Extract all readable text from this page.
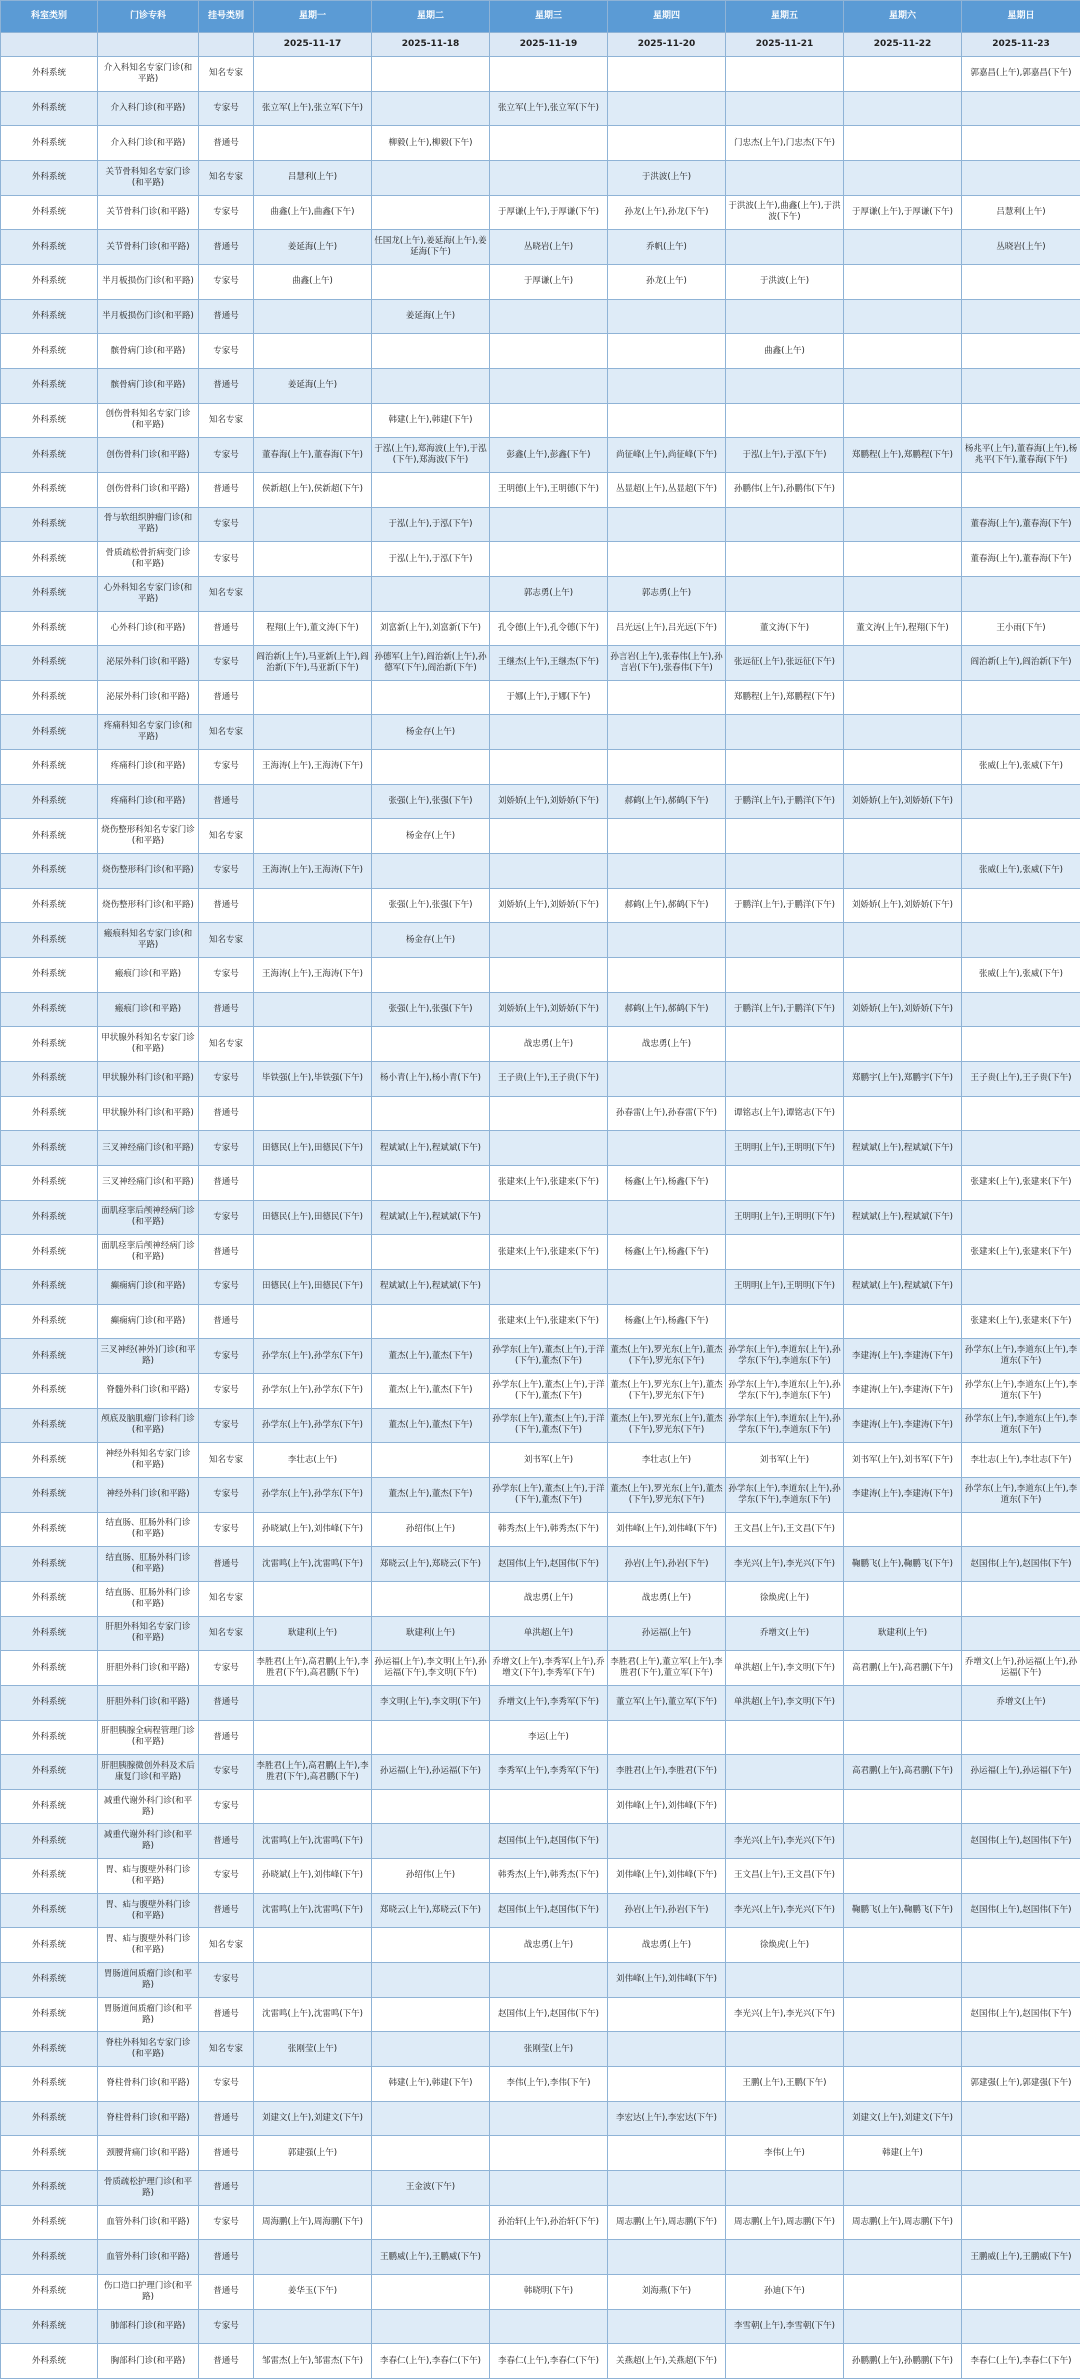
科室类别	门诊专科	挂号类别	星期一	星期二	星期三	星期四	星期五	星期六	星期日
			2025-11-17	2025-11-18	2025-11-19	2025-11-20	2025-11-21	2025-11-22	2025-11-23
外科系统	介入科知名专家门诊(和平路)	知名专家							郭嘉昌(上午),郭嘉昌(下午)
外科系统	介入科门诊(和平路)	专家号	张立军(上午),张立军(下午)		张立军(上午),张立军(下午)				
外科系统	介入科门诊(和平路)	普通号		柳毅(上午),柳毅(下午)			门忠杰(上午),门忠杰(下午)		
外科系统	关节骨科知名专家门诊(和平路)	知名专家	吕慧利(上午)			于洪波(上午)			
外科系统	关节骨科门诊(和平路)	专家号	曲鑫(上午),曲鑫(下午)		于厚谦(上午),于厚谦(下午)	孙龙(上午),孙龙(下午)	于洪波(上午),曲鑫(上午),于洪波(下午)	于厚谦(上午),于厚谦(下午)	吕慧利(上午)
外科系统	关节骨科门诊(和平路)	普通号	姜延海(上午)	任国龙(上午),姜延海(上午),姜延海(下午)	丛晓岩(上午)	乔帆(上午)			丛晓岩(上午)
外科系统	半月板损伤门诊(和平路)	专家号	曲鑫(上午)		于厚谦(上午)	孙龙(上午)	于洪波(上午)		
外科系统	半月板损伤门诊(和平路)	普通号		姜延海(上午)					
外科系统	髌骨病门诊(和平路)	专家号					曲鑫(上午)		
外科系统	髌骨病门诊(和平路)	普通号	姜延海(上午)						
外科系统	创伤骨科知名专家门诊(和平路)	知名专家		韩建(上午),韩建(下午)					
外科系统	创伤骨科门诊(和平路)	专家号	董春海(上午),董春海(下午)	于泓(上午),郑海波(上午),于泓(下午),郑海波(下午)	彭鑫(上午),彭鑫(下午)	尚征峰(上午),尚征峰(下午)	于泓(上午),于泓(下午)	郑鹏程(上午),郑鹏程(下午)	杨兆平(上午),董春海(上午),杨兆平(下午),董春海(下午)
外科系统	创伤骨科门诊(和平路)	普通号	侯新超(上午),侯新超(下午)		王明德(上午),王明德(下午)	丛显超(上午),丛显超(下午)	孙鹏伟(上午),孙鹏伟(下午)		
外科系统	骨与软组织肿瘤门诊(和平路)	专家号		于泓(上午),于泓(下午)					董春海(上午),董春海(下午)
外科系统	骨质疏松骨折病变门诊(和平路)	专家号		于泓(上午),于泓(下午)					董春海(上午),董春海(下午)
外科系统	心外科知名专家门诊(和平路)	知名专家			郭志勇(上午)	郭志勇(上午)			
外科系统	心外科门诊(和平路)	普通号	程翔(上午),董文涛(下午)	刘富新(上午),刘富新(下午)	孔令德(上午),孔令德(下午)	吕光远(上午),吕光远(下午)	董文涛(下午)	董文涛(上午),程翔(下午)	王小雨(下午)
外科系统	泌尿外科门诊(和平路)	专家号	阎治新(上午),马亚新(上午),阎治新(下午),马亚新(下午)	孙德军(上午),阎治新(上午),孙德军(下午),阎治新(下午)	王继杰(上午),王继杰(下午)	孙言岩(上午),张春伟(上午),孙言岩(下午),张春伟(下午)	张远征(上午),张远征(下午)		阎治新(上午),阎治新(下午)
外科系统	泌尿外科门诊(和平路)	普通号			于娜(上午),于娜(下午)		郑鹏程(上午),郑鹏程(下午)		
外科系统	疼痛科知名专家门诊(和平路)	知名专家		杨金存(上午)					
外科系统	疼痛科门诊(和平路)	专家号	王海涛(上午),王海涛(下午)						张威(上午),张威(下午)
外科系统	疼痛科门诊(和平路)	普通号		张强(上午),张强(下午)	刘娇娇(上午),刘娇娇(下午)	郝鹤(上午),郝鹤(下午)	于鹏洋(上午),于鹏洋(下午)	刘娇娇(上午),刘娇娇(下午)	
外科系统	烧伤整形科知名专家门诊(和平路)	知名专家		杨金存(上午)					
外科系统	烧伤整形科门诊(和平路)	专家号	王海涛(上午),王海涛(下午)						张威(上午),张威(下午)
外科系统	烧伤整形科门诊(和平路)	普通号		张强(上午),张强(下午)	刘娇娇(上午),刘娇娇(下午)	郝鹤(上午),郝鹤(下午)	于鹏洋(上午),于鹏洋(下午)	刘娇娇(上午),刘娇娇(下午)	
外科系统	瘢痕科知名专家门诊(和平路)	知名专家		杨金存(上午)					
外科系统	瘢痕门诊(和平路)	专家号	王海涛(上午),王海涛(下午)						张威(上午),张威(下午)
外科系统	瘢痕门诊(和平路)	普通号		张强(上午),张强(下午)	刘娇娇(上午),刘娇娇(下午)	郝鹤(上午),郝鹤(下午)	于鹏洋(上午),于鹏洋(下午)	刘娇娇(上午),刘娇娇(下午)	
外科系统	甲状腺外科知名专家门诊(和平路)	知名专家			战忠勇(上午)	战忠勇(上午)			
外科系统	甲状腺外科门诊(和平路)	专家号	毕铁强(上午),毕铁强(下午)	杨小青(上午),杨小青(下午)	王子贵(上午),王子贵(下午)			郑鹏宇(上午),郑鹏宇(下午)	王子贵(上午),王子贵(下午)
外科系统	甲状腺外科门诊(和平路)	普通号				孙春雷(上午),孙春雷(下午)	谭铭志(上午),谭铭志(下午)		
外科系统	三叉神经痛门诊(和平路)	专家号	田德民(上午),田德民(下午)	程斌斌(上午),程斌斌(下午)			王明明(上午),王明明(下午)	程斌斌(上午),程斌斌(下午)	
外科系统	三叉神经痛门诊(和平路)	普通号			张建来(上午),张建来(下午)	杨鑫(上午),杨鑫(下午)			张建来(上午),张建来(下午)
外科系统	面肌痉挛后颅神经病门诊(和平路)	专家号	田德民(上午),田德民(下午)	程斌斌(上午),程斌斌(下午)			王明明(上午),王明明(下午)	程斌斌(上午),程斌斌(下午)	
外科系统	面肌痉挛后颅神经病门诊(和平路)	普通号			张建来(上午),张建来(下午)	杨鑫(上午),杨鑫(下午)			张建来(上午),张建来(下午)
外科系统	癫痫病门诊(和平路)	专家号	田德民(上午),田德民(下午)	程斌斌(上午),程斌斌(下午)			王明明(上午),王明明(下午)	程斌斌(上午),程斌斌(下午)	
外科系统	癫痫病门诊(和平路)	普通号			张建来(上午),张建来(下午)	杨鑫(上午),杨鑫(下午)			张建来(上午),张建来(下午)
外科系统	三叉神经(神外)门诊(和平路)	专家号	孙学东(上午),孙学东(下午)	董杰(上午),董杰(下午)	孙学东(上午),董杰(上午),于洋(下午),董杰(下午)	董杰(上午),罗光东(上午),董杰(下午),罗光东(下午)	孙学东(上午),李道东(上午),孙学东(下午),李道东(下午)	李建涛(上午),李建涛(下午)	孙学东(上午),李道东(上午),李道东(下午)
外科系统	脊髓外科门诊(和平路)	专家号	孙学东(上午),孙学东(下午)	董杰(上午),董杰(下午)	孙学东(上午),董杰(上午),于洋(下午),董杰(下午)	董杰(上午),罗光东(上午),董杰(下午),罗光东(下午)	孙学东(上午),李道东(上午),孙学东(下午),李道东(下午)	李建涛(上午),李建涛(下午)	孙学东(上午),李道东(上午),李道东(下午)
外科系统	颅底及脑肌瘤门诊科门诊(和平路)	专家号	孙学东(上午),孙学东(下午)	董杰(上午),董杰(下午)	孙学东(上午),董杰(上午),于洋(下午),董杰(下午)	董杰(上午),罗光东(上午),董杰(下午),罗光东(下午)	孙学东(上午),李道东(上午),孙学东(下午),李道东(下午)	李建涛(上午),李建涛(下午)	孙学东(上午),李道东(上午),李道东(下午)
外科系统	神经外科知名专家门诊(和平路)	知名专家	李壮志(上午)		刘书军(上午)	李壮志(上午)	刘书军(上午)	刘书军(上午),刘书军(下午)	李壮志(上午),李壮志(下午)
外科系统	神经外科门诊(和平路)	专家号	孙学东(上午),孙学东(下午)	董杰(上午),董杰(下午)	孙学东(上午),董杰(上午),于洋(下午),董杰(下午)	董杰(上午),罗光东(上午),董杰(下午),罗光东(下午)	孙学东(上午),李道东(上午),孙学东(下午),李道东(下午)	李建涛(上午),李建涛(下午)	孙学东(上午),李道东(上午),李道东(下午)
外科系统	结直肠、肛肠外科门诊(和平路)	专家号	孙晓斌(上午),刘伟峰(下午)	孙绍伟(上午)	韩秀杰(上午),韩秀杰(下午)	刘伟峰(上午),刘伟峰(下午)	王文昌(上午),王文昌(下午)		
外科系统	结直肠、肛肠外科门诊(和平路)	普通号	沈雷鸣(上午),沈雷鸣(下午)	郑晓云(上午),郑晓云(下午)	赵国伟(上午),赵国伟(下午)	孙岩(上午),孙岩(下午)	李光兴(上午),李光兴(下午)	鞠鹏飞(上午),鞠鹏飞(下午)	赵国伟(上午),赵国伟(下午)
外科系统	结直肠、肛肠外科门诊(和平路)	知名专家			战忠勇(上午)	战忠勇(上午)	徐焕虎(上午)		
外科系统	肝胆外科知名专家门诊(和平路)	知名专家	耿建利(上午)	耿建利(上午)	单洪超(上午)	孙运福(上午)	乔增文(上午)	耿建利(上午)	
外科系统	肝胆外科门诊(和平路)	专家号	李胜君(上午),高君鹏(上午),李胜君(下午),高君鹏(下午)	孙运福(上午),李文明(上午),孙运福(下午),李文明(下午)	乔增文(上午),李秀军(上午),乔增文(下午),李秀军(下午)	李胜君(上午),董立军(上午),李胜君(下午),董立军(下午)	单洪超(上午),李文明(下午)	高君鹏(上午),高君鹏(下午)	乔增文(上午),孙运福(上午),孙运福(下午)
外科系统	肝胆外科门诊(和平路)	普通号		李文明(上午),李文明(下午)	乔增文(上午),李秀军(下午)	董立军(上午),董立军(下午)	单洪超(上午),李文明(下午)		乔增文(上午)
外科系统	肝胆胰腺全病程管理门诊(和平路)	普通号			李运(上午)				
外科系统	肝胆胰腺微创外科及术后康复门诊(和平路)	专家号	李胜君(上午),高君鹏(上午),李胜君(下午),高君鹏(下午)	孙运福(上午),孙运福(下午)	李秀军(上午),李秀军(下午)	李胜君(上午),李胜君(下午)		高君鹏(上午),高君鹏(下午)	孙运福(上午),孙运福(下午)
外科系统	减重代谢外科门诊(和平路)	专家号				刘伟峰(上午),刘伟峰(下午)			
外科系统	减重代谢外科门诊(和平路)	普通号	沈雷鸣(上午),沈雷鸣(下午)		赵国伟(上午),赵国伟(下午)		李光兴(上午),李光兴(下午)		赵国伟(上午),赵国伟(下午)
外科系统	胃、疝与腹壁外科门诊(和平路)	专家号	孙晓斌(上午),刘伟峰(下午)	孙绍伟(上午)	韩秀杰(上午),韩秀杰(下午)	刘伟峰(上午),刘伟峰(下午)	王文昌(上午),王文昌(下午)		
外科系统	胃、疝与腹壁外科门诊(和平路)	普通号	沈雷鸣(上午),沈雷鸣(下午)	郑晓云(上午),郑晓云(下午)	赵国伟(上午),赵国伟(下午)	孙岩(上午),孙岩(下午)	李光兴(上午),李光兴(下午)	鞠鹏飞(上午),鞠鹏飞(下午)	赵国伟(上午),赵国伟(下午)
外科系统	胃、疝与腹壁外科门诊(和平路)	知名专家			战忠勇(上午)	战忠勇(上午)	徐焕虎(上午)		
外科系统	胃肠道间质瘤门诊(和平路)	专家号				刘伟峰(上午),刘伟峰(下午)			
外科系统	胃肠道间质瘤门诊(和平路)	普通号	沈雷鸣(上午),沈雷鸣(下午)		赵国伟(上午),赵国伟(下午)		李光兴(上午),李光兴(下午)		赵国伟(上午),赵国伟(下午)
外科系统	脊柱外科知名专家门诊(和平路)	知名专家	张刚莹(上午)		张刚莹(上午)				
外科系统	脊柱骨科门诊(和平路)	专家号		韩建(上午),韩建(下午)	李伟(上午),李伟(下午)		王鹏(上午),王鹏(下午)		郭建强(上午),郭建强(下午)
外科系统	脊柱骨科门诊(和平路)	普通号	刘建文(上午),刘建文(下午)			李宏达(上午),李宏达(下午)		刘建文(上午),刘建文(下午)	
外科系统	颈腰背痛门诊(和平路)	普通号	郭建强(上午)				李伟(上午)	韩建(上午)	
外科系统	骨质疏松护理门诊(和平路)	普通号		王金波(下午)					
外科系统	血管外科门诊(和平路)	专家号	周海鹏(上午),周海鹏(下午)		孙治轩(上午),孙治轩(下午)	周志鹏(上午),周志鹏(下午)	周志鹏(上午),周志鹏(下午)	周志鹏(上午),周志鹏(下午)	
外科系统	血管外科门诊(和平路)	普通号		王鹏威(上午),王鹏威(下午)					王鹏威(上午),王鹏威(下午)
外科系统	伤口造口护理门诊(和平路)	普通号	姜华玉(下午)		韩晓明(下午)	刘海燕(下午)	孙迪(下午)		
外科系统	肺部科门诊(和平路)	专家号					李雪朝(上午),李雪朝(下午)		
外科系统	胸部科门诊(和平路)	普通号	邹雷杰(上午),邹雷杰(下午)	李春仁(上午),李春仁(下午)	李春仁(上午),李春仁(下午)	关燕超(上午),关燕超(下午)		孙鹏鹏(上午),孙鹏鹏(下午)	李春仁(上午),李春仁(下午)
